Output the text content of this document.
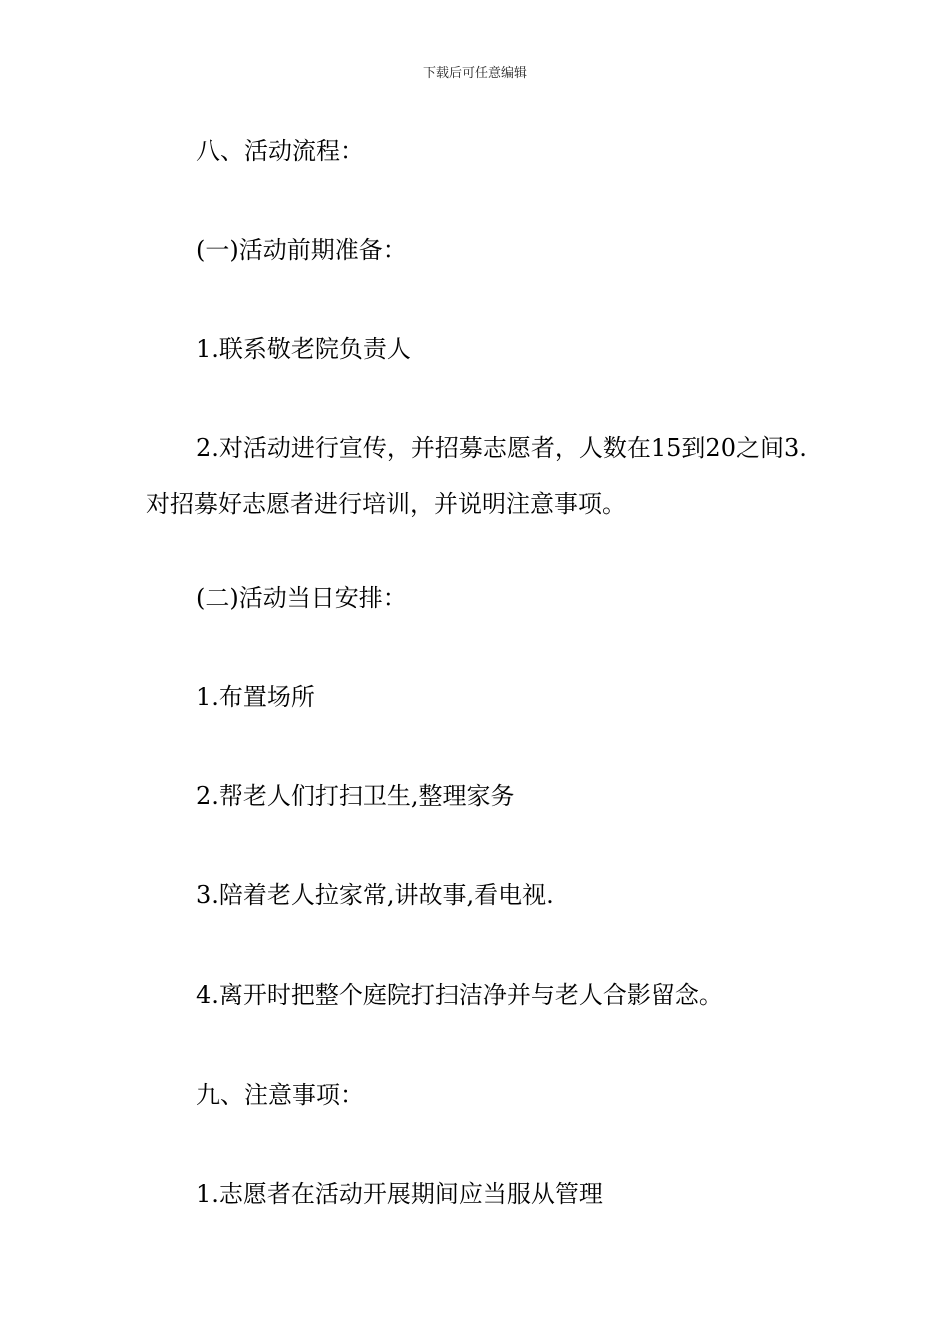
下载后可任意编辑
八、活动流程：
(一)活动前期准备：
1.联系敬老院负责人
2.对活动进行宣传，并招募志愿者，人数在15到20之间3.对招募好志愿者进行培训，并说明注意事项。
(二)活动当日安排：
1.布置场所
2.帮老人们打扫卫生,整理家务
3.陪着老人拉家常,讲故事,看电视.
4.离开时把整个庭院打扫洁净并与老人合影留念。
九、注意事项：
1.志愿者在活动开展期间应当服从管理
